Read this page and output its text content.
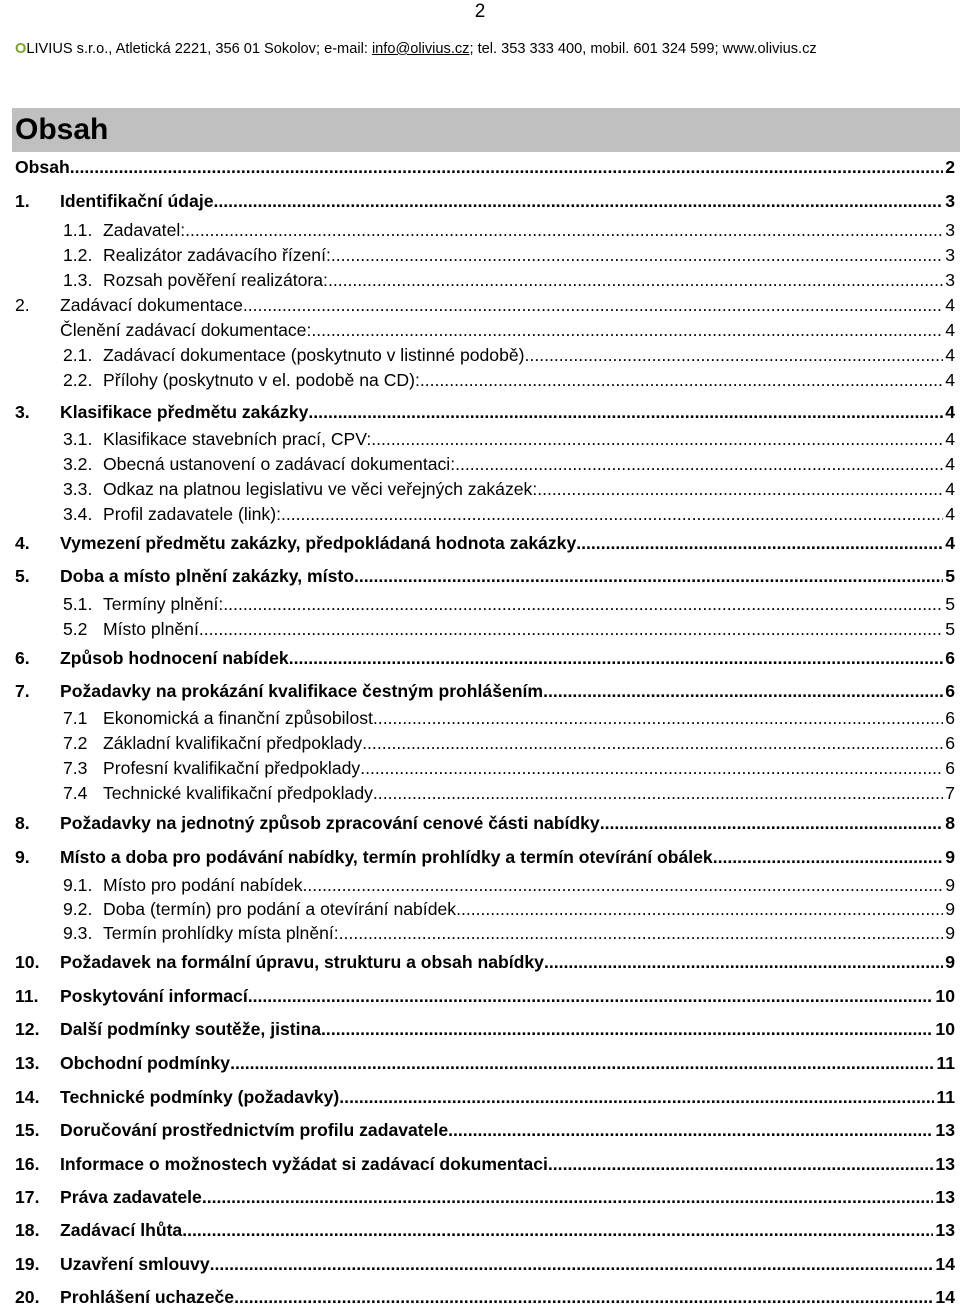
2
OLIVIUS s.r.o., Atletická 2221, 356 01 Sokolov; e-mail: info@olivius.cz; tel. 353 333 400, mobil. 601 324 599; www.olivius.cz
Obsah
Obsah .....	2
1.	Identifikační údaje .....	3
1.1. Zadavatel: .....	3
1.2. Realizátor zadávacího řízení: .....	3
1.3. Rozsah pověření realizátora: .....	3
2.	Zadávací dokumentace .....	4
Členění zadávací dokumentace: .....	4
2.1. Zadávací dokumentace (poskytnuto v listinné podobě) .....	4
2.2. Přílohy (poskytnuto v el. podobě na CD): .....	4
3.	Klasifikace předmětu zakázky .....	4
3.1. Klasifikace stavebních prací, CPV: .....	4
3.2. Obecná ustanovení o zadávací dokumentaci: .....	4
3.3. Odkaz na platnou legislativu ve věci veřejných zakázek: .....	4
3.4. Profil zadavatele (link): .....	4
4.	Vymezení předmětu zakázky, předpokládaná hodnota zakázky .....	4
5.	Doba a místo plnění zakázky, místo .....	5
5.1. Termíny plnění: .....	5
5.2 Místo plnění .....	5
6.	Způsob hodnocení nabídek .....	6
7.	Požadavky na prokázání kvalifikace čestným prohlášením .....	6
7.1 Ekonomická a finanční způsobilost .....	6
7.2 Základní kvalifikační předpoklady .....	6
7.3 Profesní kvalifikační předpoklady .....	6
7.4 Technické kvalifikační předpoklady .....	7
8.	Požadavky na jednotný způsob zpracování cenové části nabídky .....	8
9.	Místo a doba pro podávání nabídky, termín prohlídky a termín otevírání obálek .....	9
9.1. Místo pro podání nabídek .....	9
9.2. Doba (termín) pro podání a otevírání nabídek .....	9
9.3. Termín prohlídky místa plnění: .....	9
10.	Požadavek na formální úpravu, strukturu a obsah nabídky .....	9
11.	Poskytování informací .....	10
12.	Další podmínky soutěže, jistina .....	10
13.	Obchodní podmínky .....	11
14.	Technické podmínky (požadavky) .....	11
15.	Doručování prostřednictvím profilu zadavatele .....	13
16.	Informace o možnostech vyžádat si zadávací dokumentaci .....	13
17.	Práva zadavatele .....	13
18.	Zadávací lhůta .....	13
19.	Uzavření smlouvy .....	14
20.	Prohlášení uchazeče .....	14
